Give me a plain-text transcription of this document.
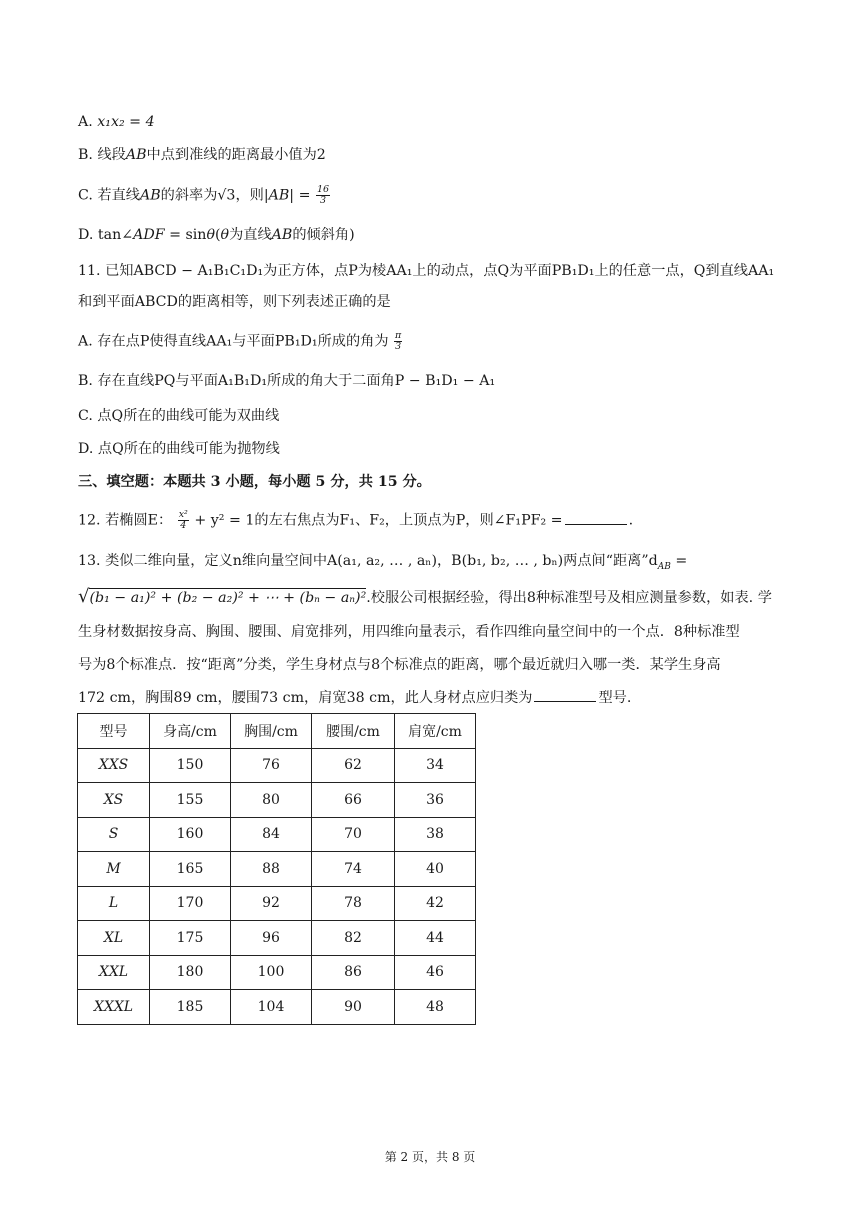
A. x₁x₂ = 4
B. 线段AB中点到准线的距离最小值为2
C. 若直线AB的斜率为√3，则$|AB| = \frac{16}{3}$
D. tan∠ADF = sinθ(θ为直线AB的倾斜角)
11. 已知ABCD − A₁B₁C₁D₁为正方体，点P为棱AA₁上的动点，点Q为平面PB₁D₁上的任意一点，Q到直线AA₁
和到平面ABCD的距离相等，则下列表述正确的是
A. 存在点P使得直线AA₁与平面PB₁D₁所成的角为 $\frac{\pi}{3}$
B. 存在直线PQ与平面A₁B₁D₁所成的角大于二面角P − B₁D₁ − A₁
C. 点Q所在的曲线可能为双曲线
D. 点Q所在的曲线可能为抛物线
三、填空题：本题共 3 小题，每小题 5 分，共 15 分。
12. 若椭圆E： $\frac{\text{x²}}{4} + y^2 = 1$的左右焦点为F₁、F₂，上顶点为P，则∠F₁PF₂ =	.
13. 类似二维向量，定义n维向量空间中A(a₁, a₂, … , aₙ)，B(b₁, b₂, … , bₙ)两点间“距离$”d_{AB}$ =
√(b₁ − a₁)² + (b₂ − a₂)² + ⋯ + (bₙ − aₙ)².校服公司根据经验，得出8种标准型号及相应测量参数，如表. 学
生身材数据按身高、胸围、腰围、肩宽排列，用四维向量表示，看作四维向量空间中的一个点．8种标准型
号为8个标准点．按“距离”分类，学生身材点与8个标准点的距离，哪个最近就归入哪一类．某学生身高
172 cm，胸围89 cm，腰围73 cm，肩宽38 cm，此人身材点应归类为	型号.
型号	身高/cm	胸围/cm	腰围/cm	肩宽/cm
XXS	150	76	62	34
XS	155	80	66	36
S	160	84	70	38
M	165	88	74	40
L	170	92	78	42
XL	175	96	82	44
XXL	180	100	86	46
XXXL	185	104	90	48
第 2 页，共 8 页
